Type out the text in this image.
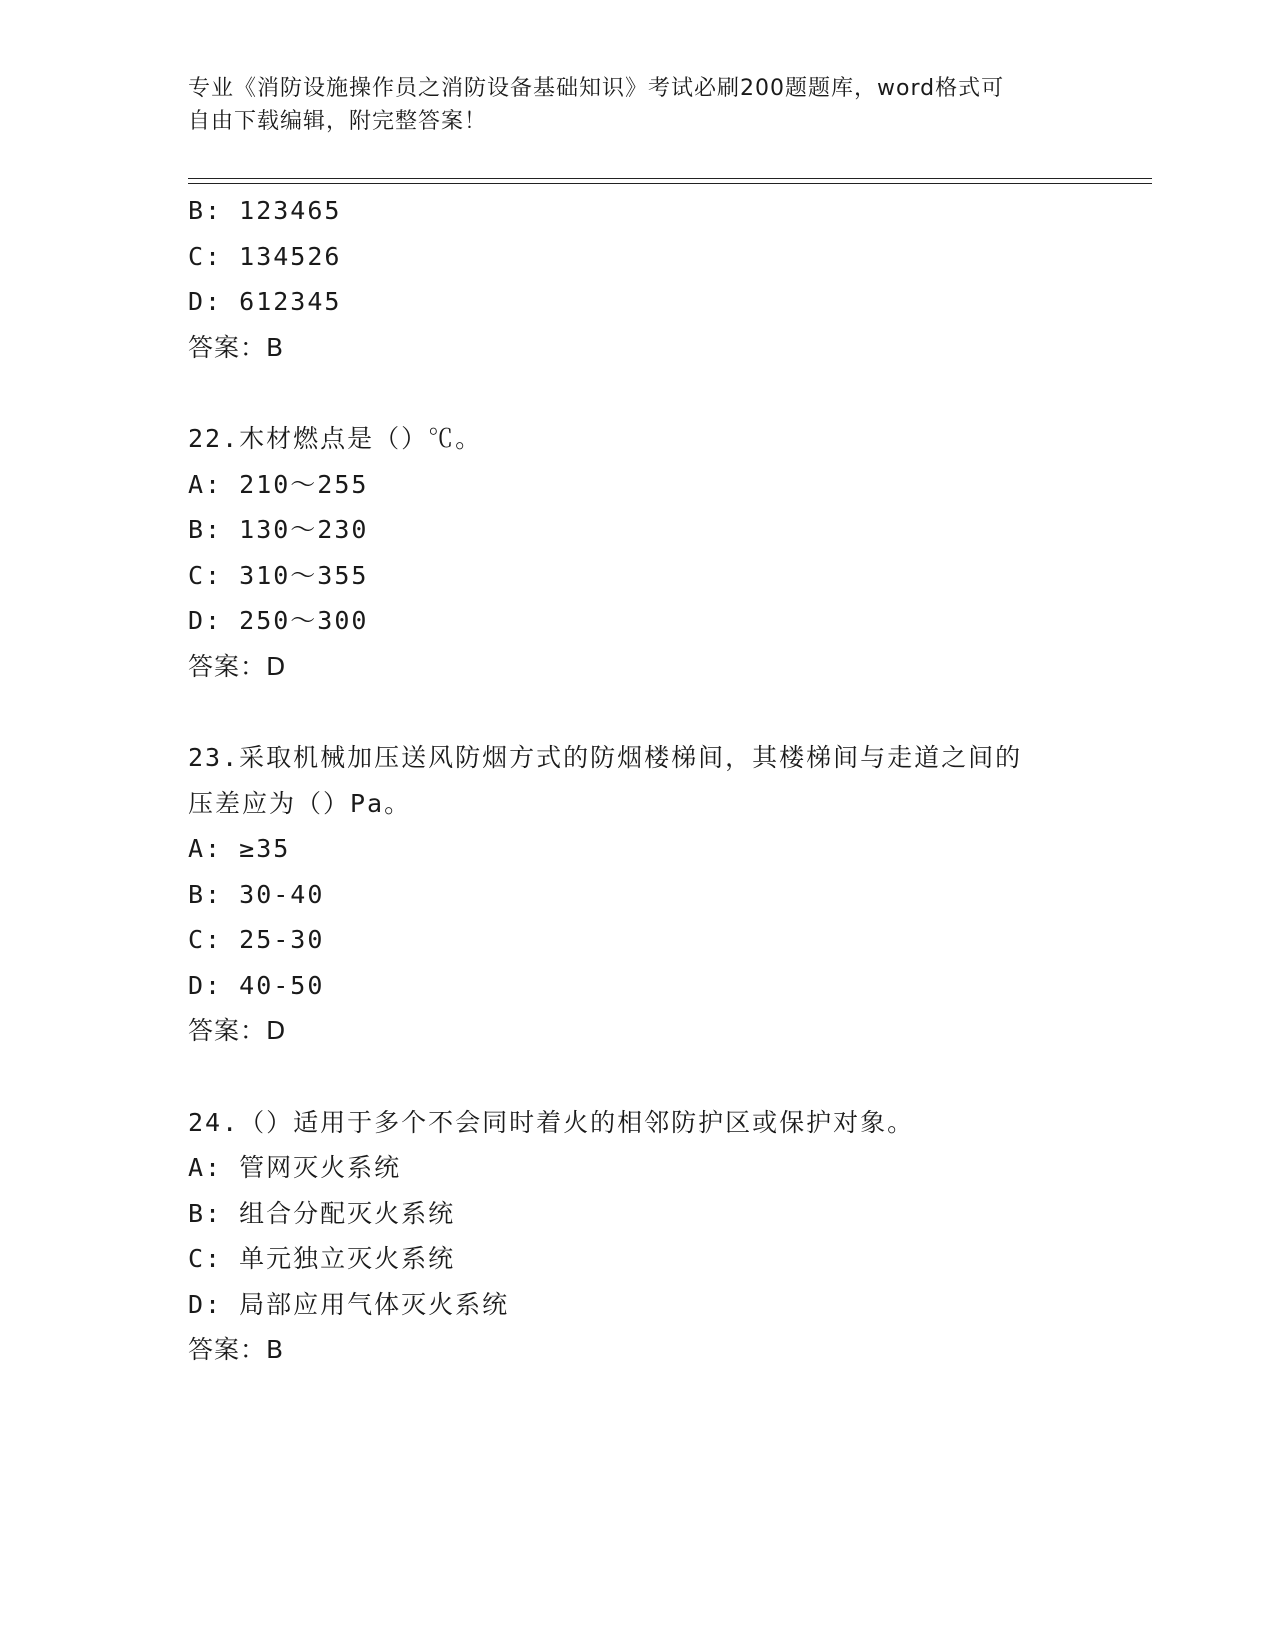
专业《消防设施操作员之消防设备基础知识》考试必刷200题题库，word格式可
自由下载编辑，附完整答案！
B: 123465
C: 134526
D: 612345
答案：B
22.木材燃点是（）℃。
A: 210～255
B: 130～230
C: 310～355
D: 250～300
答案：D
23.采取机械加压送风防烟方式的防烟楼梯间，其楼梯间与走道之间的
压差应为（）Pa。
A: ≥35
B: 30-40
C: 25-30
D: 40-50
答案：D
24.（）适用于多个不会同时着火的相邻防护区或保护对象。
A: 管网灭火系统
B: 组合分配灭火系统
C: 单元独立灭火系统
D: 局部应用气体灭火系统
答案：B
